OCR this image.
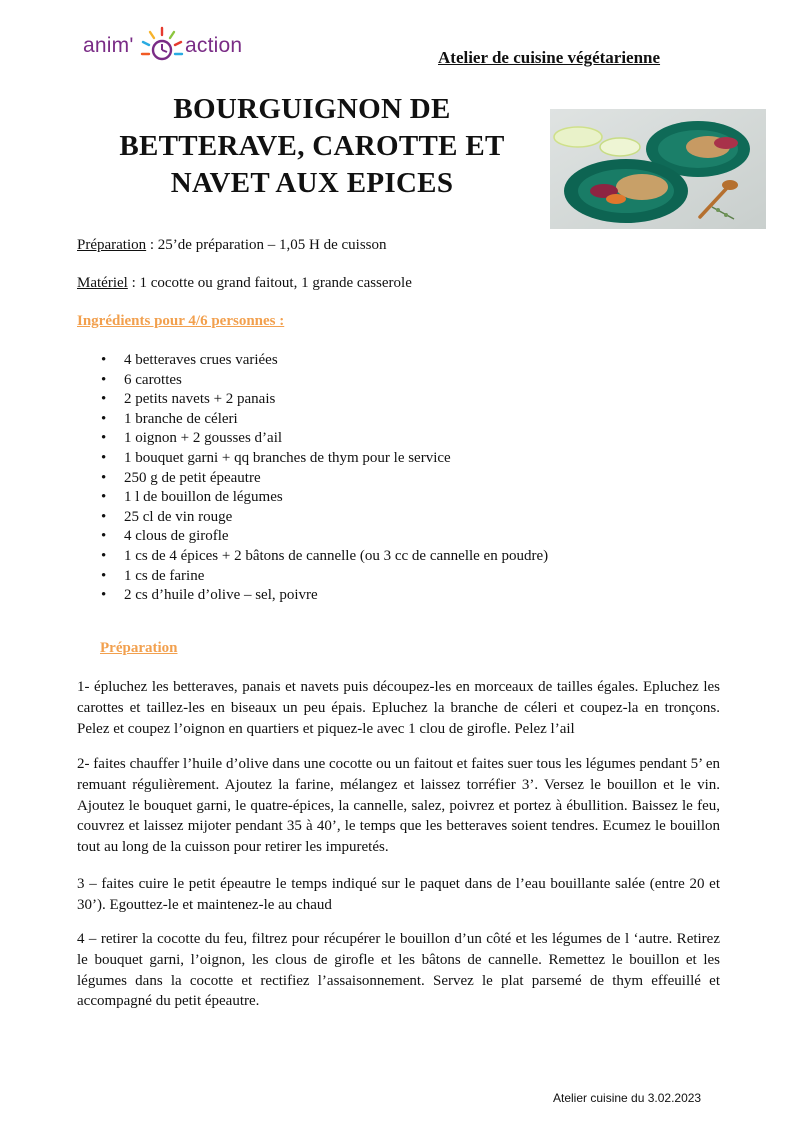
anim' action
Atelier de cuisine végétarienne
BOURGUIGNON DE
BETTERAVE, CAROTTE ET
NAVET AUX EPICES
Préparation : 25’de préparation – 1,05 H de cuisson
Matériel : 1 cocotte ou grand faitout, 1 grande casserole
Ingrédients pour 4/6 personnes :
• 4 betteraves crues variées
• 6 carottes
• 2 petits navets + 2 panais
• 1 branche de céleri
• 1 oignon + 2 gousses d’ail
• 1 bouquet garni + qq branches de thym pour le service
• 250 g de petit épeautre
• 1 l de bouillon de légumes
• 25 cl de vin rouge
• 4 clous de girofle
• 1 cs de 4 épices + 2 bâtons de cannelle (ou 3 cc de cannelle en poudre)
• 1 cs de farine
• 2 cs d’huile d’olive – sel, poivre
Préparation

1- épluchez les betteraves, panais et navets puis découpez-les en morceaux de tailles égales. Epluchez les carottes et taillez-les en biseaux un peu épais. Epluchez la branche de céleri et coupez-la en tronçons. Pelez et coupez l’oignon en quartiers et piquez-le avec 1 clou de girofle. Pelez l’ail

2- faites chauffer l’huile d’olive dans une cocotte ou un faitout et faites suer tous les légumes pendant 5’ en remuant régulièrement. Ajoutez la farine, mélangez et laissez torréfier 3’. Versez le bouillon et le vin. Ajoutez le bouquet garni, le quatre-épices, la cannelle, salez, poivrez et portez à ébullition. Baissez le feu, couvrez et laissez mijoter pendant 35 à 40’, le temps que les betteraves soient tendres. Ecumez le bouillon tout au long de la cuisson pour retirer les impuretés.

3 – faites cuire le petit épeautre le temps indiqué sur le paquet dans de l’eau bouillante salée (entre 20 et 30’). Egouttez-le et maintenez-le au chaud

4 – retirer la cocotte du feu, filtrez pour récupérer le bouillon d’un côté et les légumes de l ‘autre. Retirez le bouquet garni, l’oignon, les clous de girofle et les bâtons de cannelle. Remettez le bouillon et les légumes dans la cocotte et rectifiez l’assaisonnement. Servez le plat parsemé de thym effeuillé et accompagné du petit épeautre.

Atelier cuisine du 3.02.2023
